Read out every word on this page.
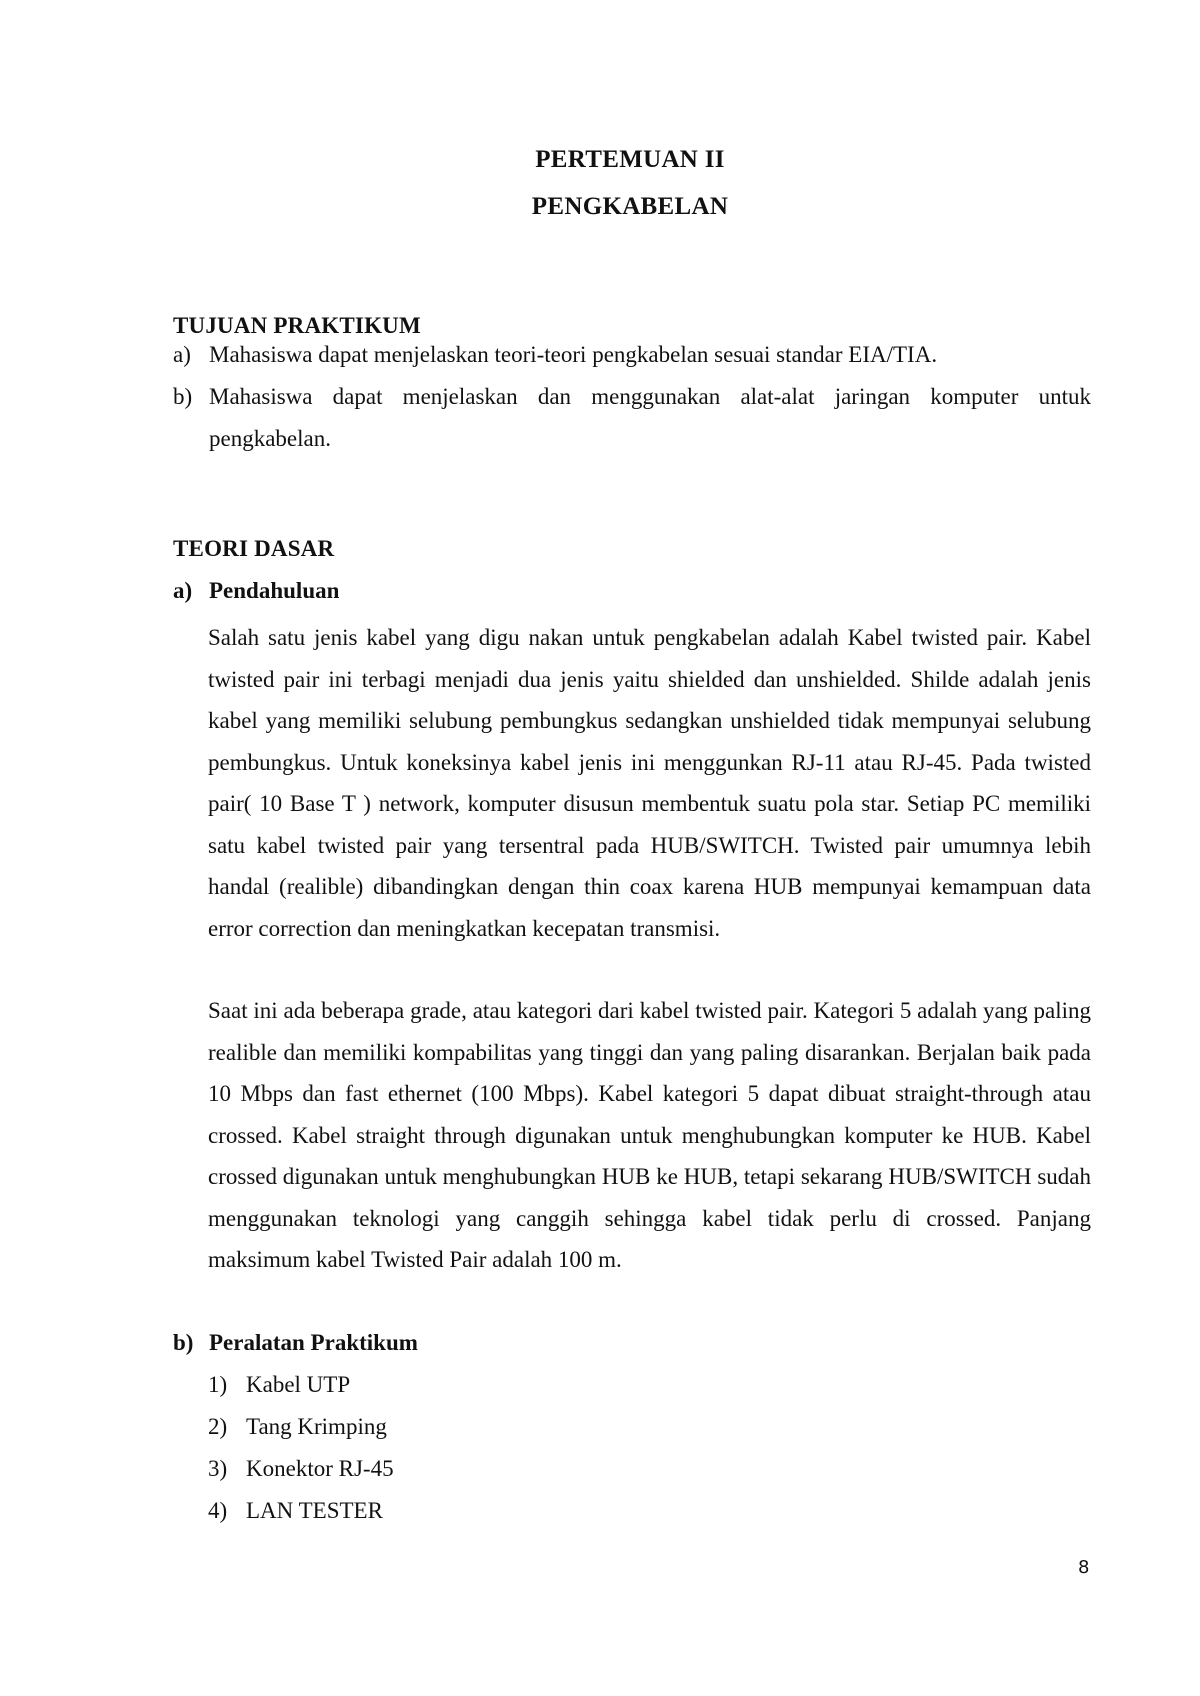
PERTEMUAN II
PENGKABELAN
TUJUAN PRAKTIKUM
a) Mahasiswa dapat menjelaskan teori-teori pengkabelan sesuai standar EIA/TIA.
b) Mahasiswa dapat menjelaskan dan menggunakan alat-alat jaringan komputer untuk pengkabelan.
TEORI DASAR
a) Pendahuluan
Salah satu jenis kabel yang digu nakan untuk pengkabelan adalah Kabel twisted pair. Kabel twisted pair ini terbagi menjadi dua jenis yaitu shielded dan unshielded. Shilde adalah jenis kabel yang memiliki selubung pembungkus sedangkan unshielded tidak mempunyai selubung pembungkus. Untuk koneksinya kabel jenis ini menggunkan RJ-11 atau RJ-45. Pada twisted pair( 10 Base T ) network, komputer disusun membentuk suatu pola star. Setiap PC memiliki satu kabel twisted pair yang tersentral pada HUB/SWITCH. Twisted pair umumnya lebih handal (realible) dibandingkan dengan thin coax karena HUB mempunyai kemampuan data error correction dan meningkatkan kecepatan transmisi.
Saat ini ada beberapa grade, atau kategori dari kabel twisted pair. Kategori 5 adalah yang paling realible dan memiliki kompabilitas yang tinggi dan yang paling disarankan. Berjalan baik pada 10 Mbps dan fast ethernet (100 Mbps). Kabel kategori 5 dapat dibuat straight-through atau crossed. Kabel straight through digunakan untuk menghubungkan komputer ke HUB. Kabel crossed digunakan untuk menghubungkan HUB ke HUB, tetapi sekarang HUB/SWITCH sudah menggunakan teknologi yang canggih sehingga kabel tidak perlu di crossed. Panjang maksimum kabel Twisted Pair adalah 100 m.
b) Peralatan Praktikum
1) Kabel UTP
2) Tang Krimping
3) Konektor RJ-45
4) LAN TESTER
8
